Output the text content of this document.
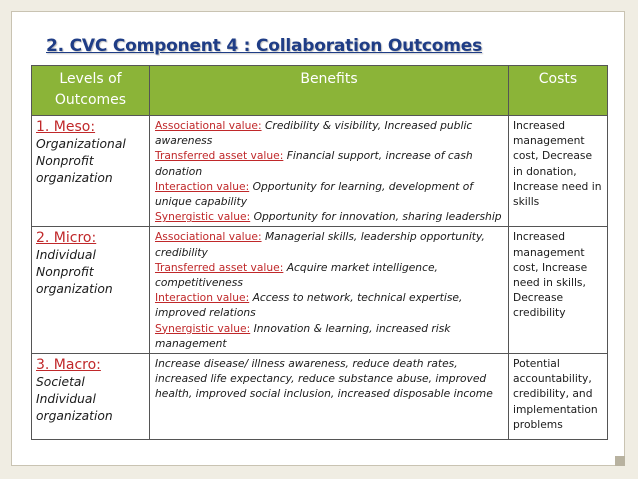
2. CVC Component 4 : Collaboration Outcomes
Levels of Outcomes	Benefits	Costs

1. Meso:
Organizational Nonprofit organization	Associational value: Credibility & visibility, Increased public awareness
Transferred asset value: Financial support, increase of cash donation
Interaction value: Opportunity for learning, development of unique capability
Synergistic value: Opportunity for innovation, sharing leadership	Increased management cost, Decrease in donation, Increase need in skills

2. Micro:
Individual Nonprofit organization	Associational value: Managerial skills, leadership opportunity, credibility
Transferred asset value: Acquire market intelligence, competitiveness
Interaction value: Access to network, technical expertise, improved relations
Synergistic value: Innovation & learning, increased risk management	Increased management cost, Increase need in skills, Decrease credibility

3. Macro:
Societal Individual organization	Increase disease/ illness awareness, reduce death rates, increased life expectancy, reduce substance abuse, improved health, improved social inclusion, increased disposable income	Potential accountability, credibility, and implementation problems
